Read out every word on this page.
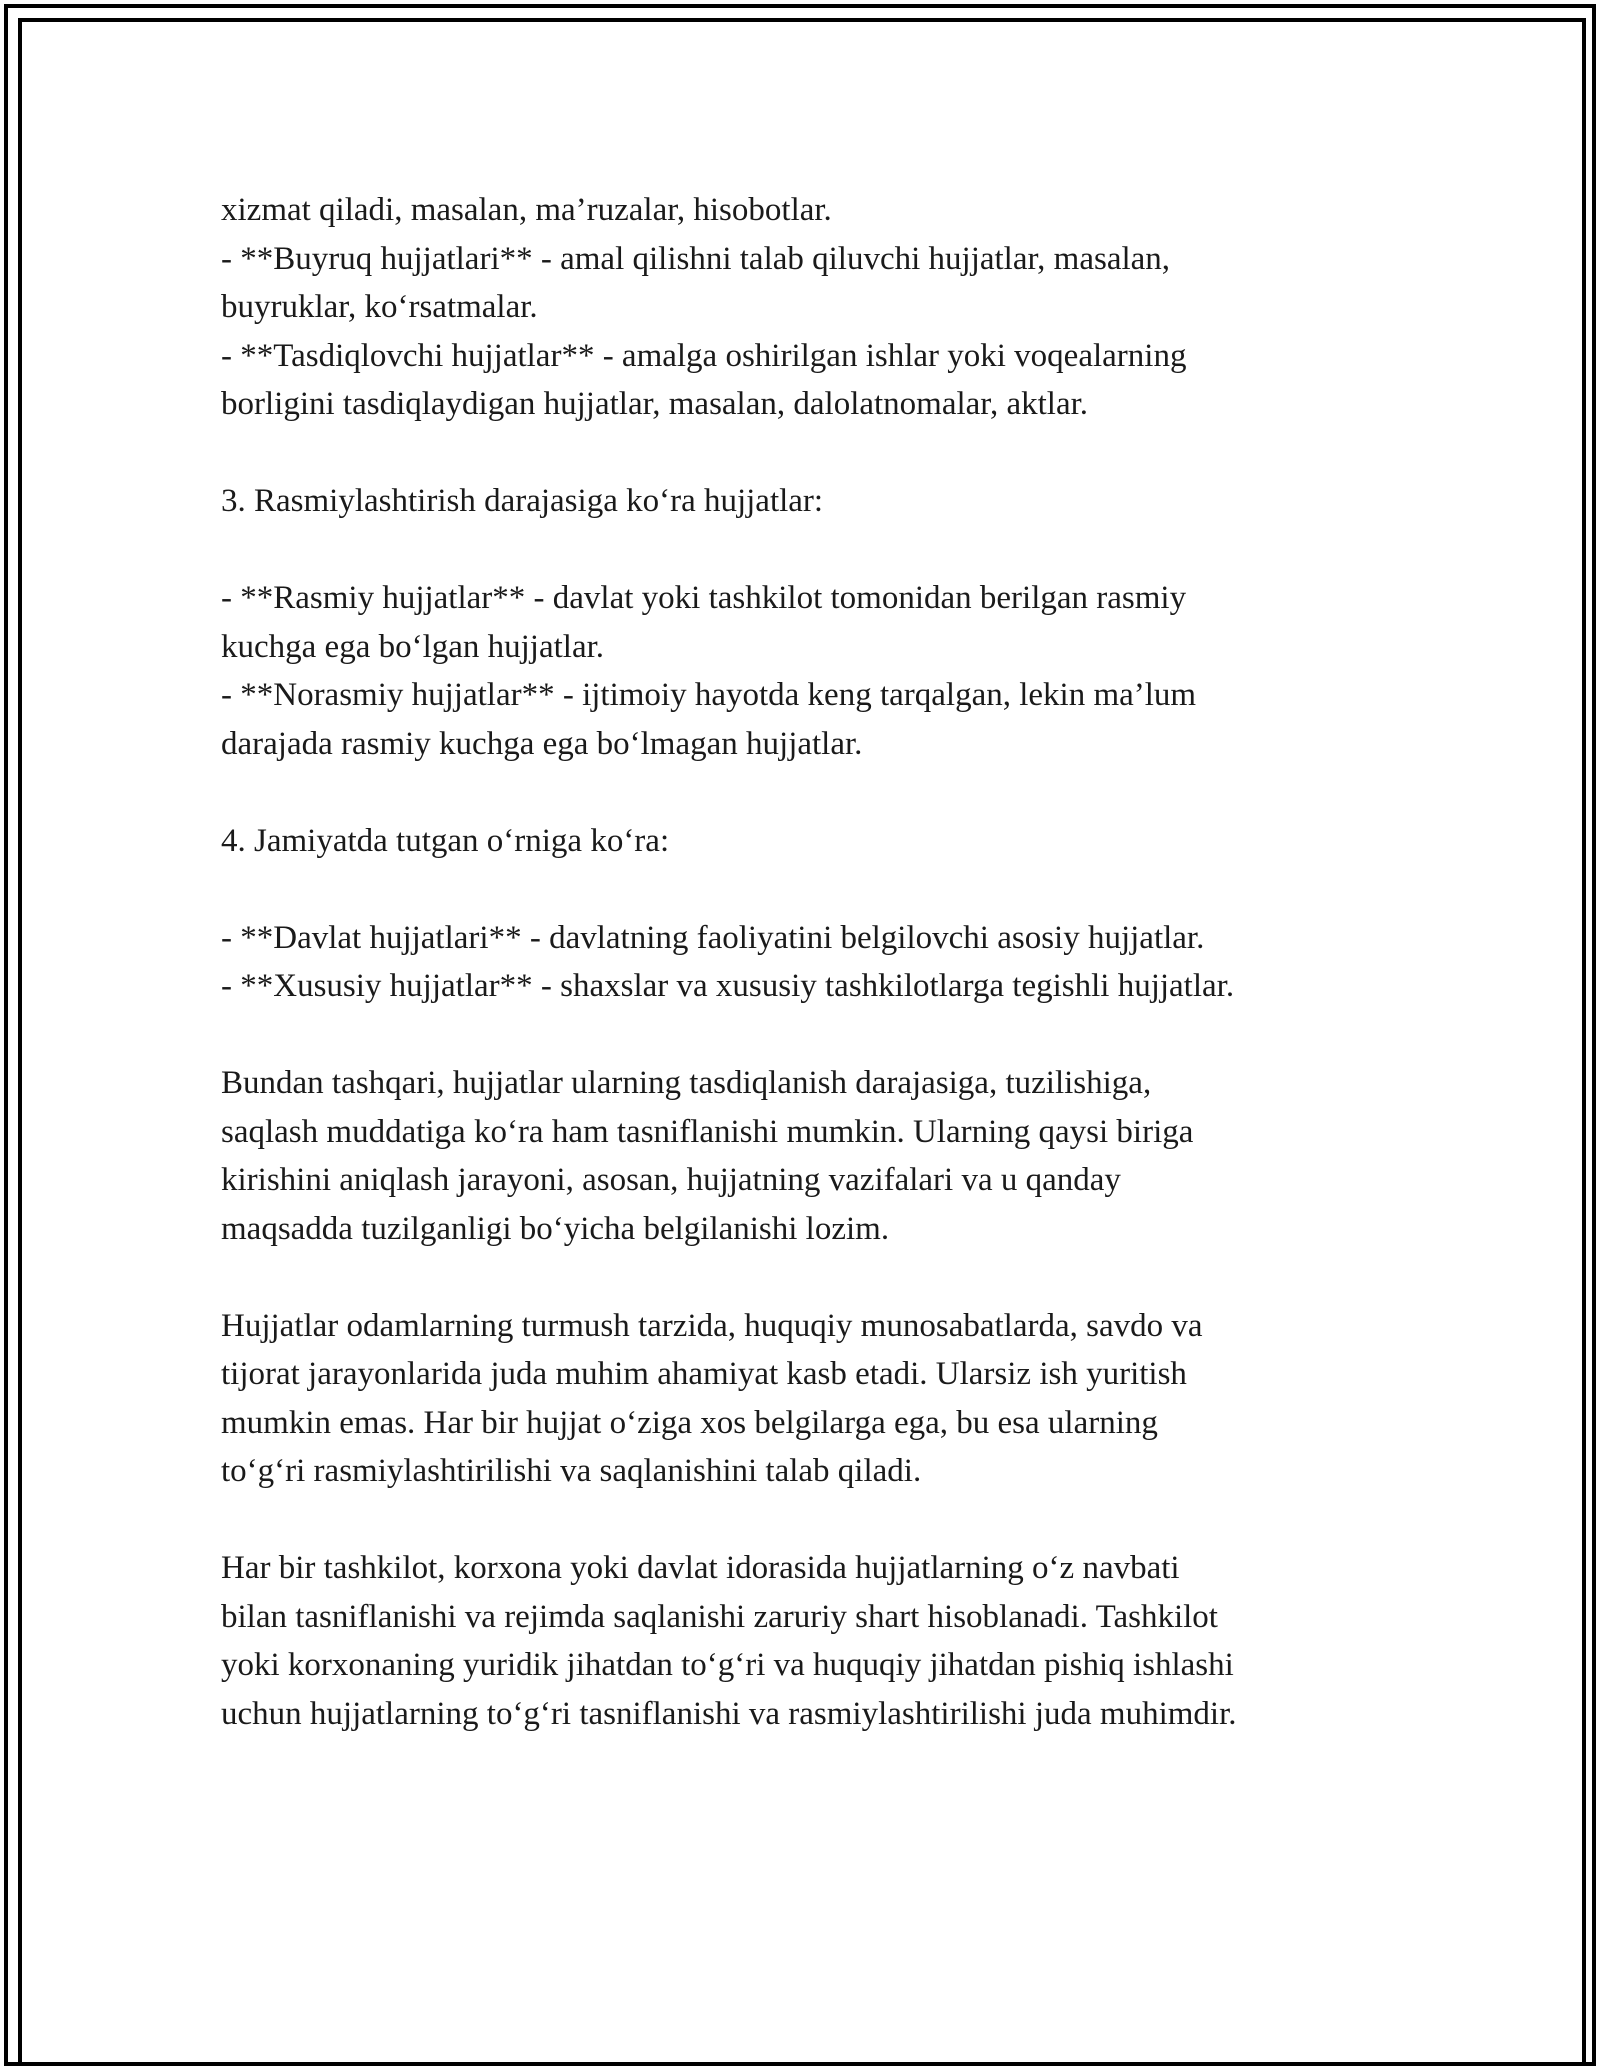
xizmat qiladi, masalan, ma’ruzalar, hisobotlar.

- **Buyruq hujjatlari** - amal qilishni talab qiluvchi hujjatlar, masalan,

buyruklar, ko‘rsatmalar.

- **Tasdiqlovchi hujjatlar** - amalga oshirilgan ishlar yoki voqealarning

borligini tasdiqlaydigan hujjatlar, masalan, dalolatnomalar, aktlar.

3. Rasmiylashtirish darajasiga ko‘ra hujjatlar:

- **Rasmiy hujjatlar** - davlat yoki tashkilot tomonidan berilgan rasmiy

kuchga ega bo‘lgan hujjatlar.

- **Norasmiy hujjatlar** - ijtimoiy hayotda keng tarqalgan, lekin ma’lum

darajada rasmiy kuchga ega bo‘lmagan hujjatlar.

4. Jamiyatda tutgan o‘rniga ko‘ra:

- **Davlat hujjatlari** - davlatning faoliyatini belgilovchi asosiy hujjatlar.

- **Xususiy hujjatlar** - shaxslar va xususiy tashkilotlarga tegishli hujjatlar.

Bundan tashqari, hujjatlar ularning tasdiqlanish darajasiga, tuzilishiga,

saqlash muddatiga ko‘ra ham tasniflanishi mumkin. Ularning qaysi biriga

kirishini aniqlash jarayoni, asosan, hujjatning vazifalari va u qanday

maqsadda tuzilganligi bo‘yicha belgilanishi lozim.

Hujjatlar odamlarning turmush tarzida, huquqiy munosabatlarda, savdo va

tijorat jarayonlarida juda muhim ahamiyat kasb etadi. Ularsiz ish yuritish

mumkin emas. Har bir hujjat o‘ziga xos belgilarga ega, bu esa ularning

to‘g‘ri rasmiylashtirilishi va saqlanishini talab qiladi.

Har bir tashkilot, korxona yoki davlat idorasida hujjatlarning o‘z navbati

bilan tasniflanishi va rejimda saqlanishi zaruriy shart hisoblanadi. Tashkilot

yoki korxonaning yuridik jihatdan to‘g‘ri va huquqiy jihatdan pishiq ishlashi

uchun hujjatlarning to‘g‘ri tasniflanishi va rasmiylashtirilishi juda muhimdir.
